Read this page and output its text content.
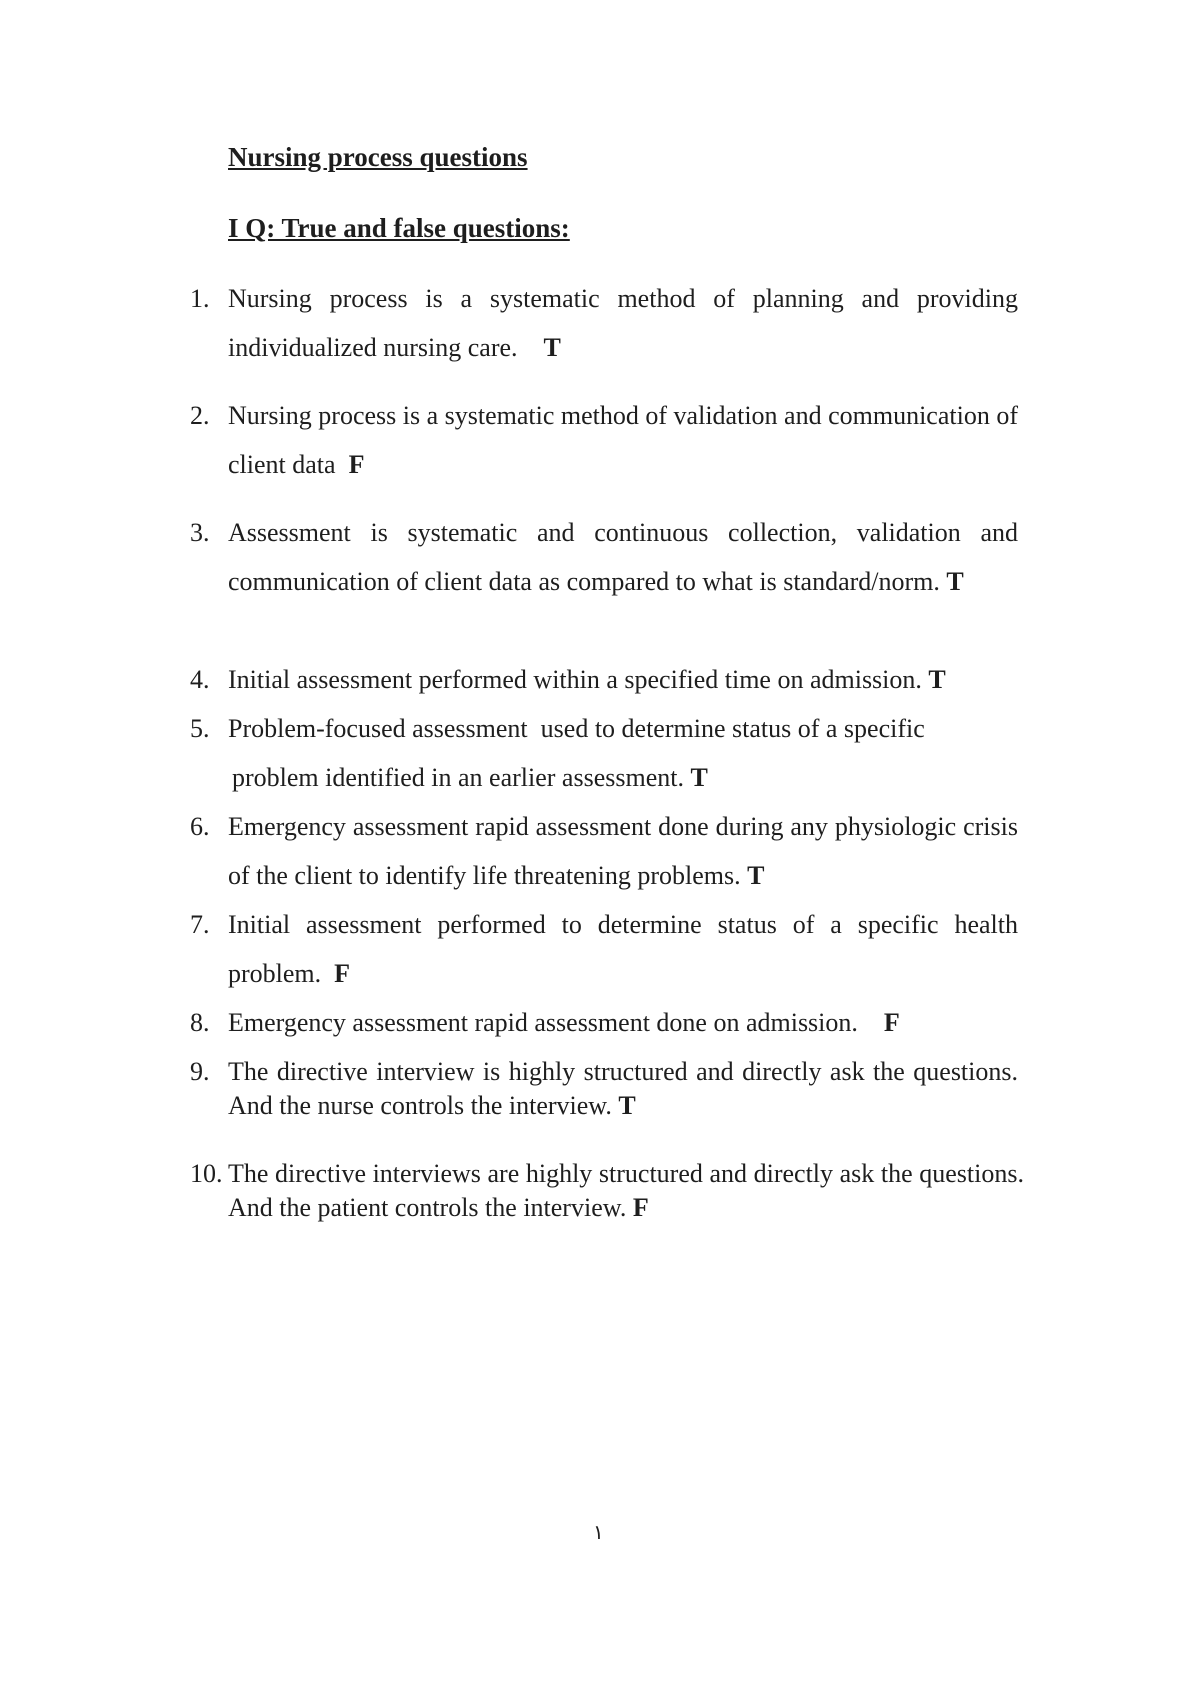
Nursing process questions
I Q: True and false questions:
1. Nursing process is a systematic method of planning and providing individualized nursing care. T
2. Nursing process is a systematic method of validation and communication of client data F
3. Assessment is systematic and continuous collection, validation and communication of client data as compared to what is standard/norm. T
4. Initial assessment performed within a specified time on admission. T
5. Problem-focused assessment  used to determine status of a specific
problem identified in an earlier assessment. T
6. Emergency assessment rapid assessment done during any physiologic crisis of the client to identify life threatening problems. T
7. Initial assessment performed to determine status of a specific health problem. F
8. Emergency assessment rapid assessment done on admission. F
9. The directive interview is highly structured and directly ask the questions. And the nurse controls the interview. T
10. The directive interviews are highly structured and directly ask the questions. And the patient controls the interview. F
١
